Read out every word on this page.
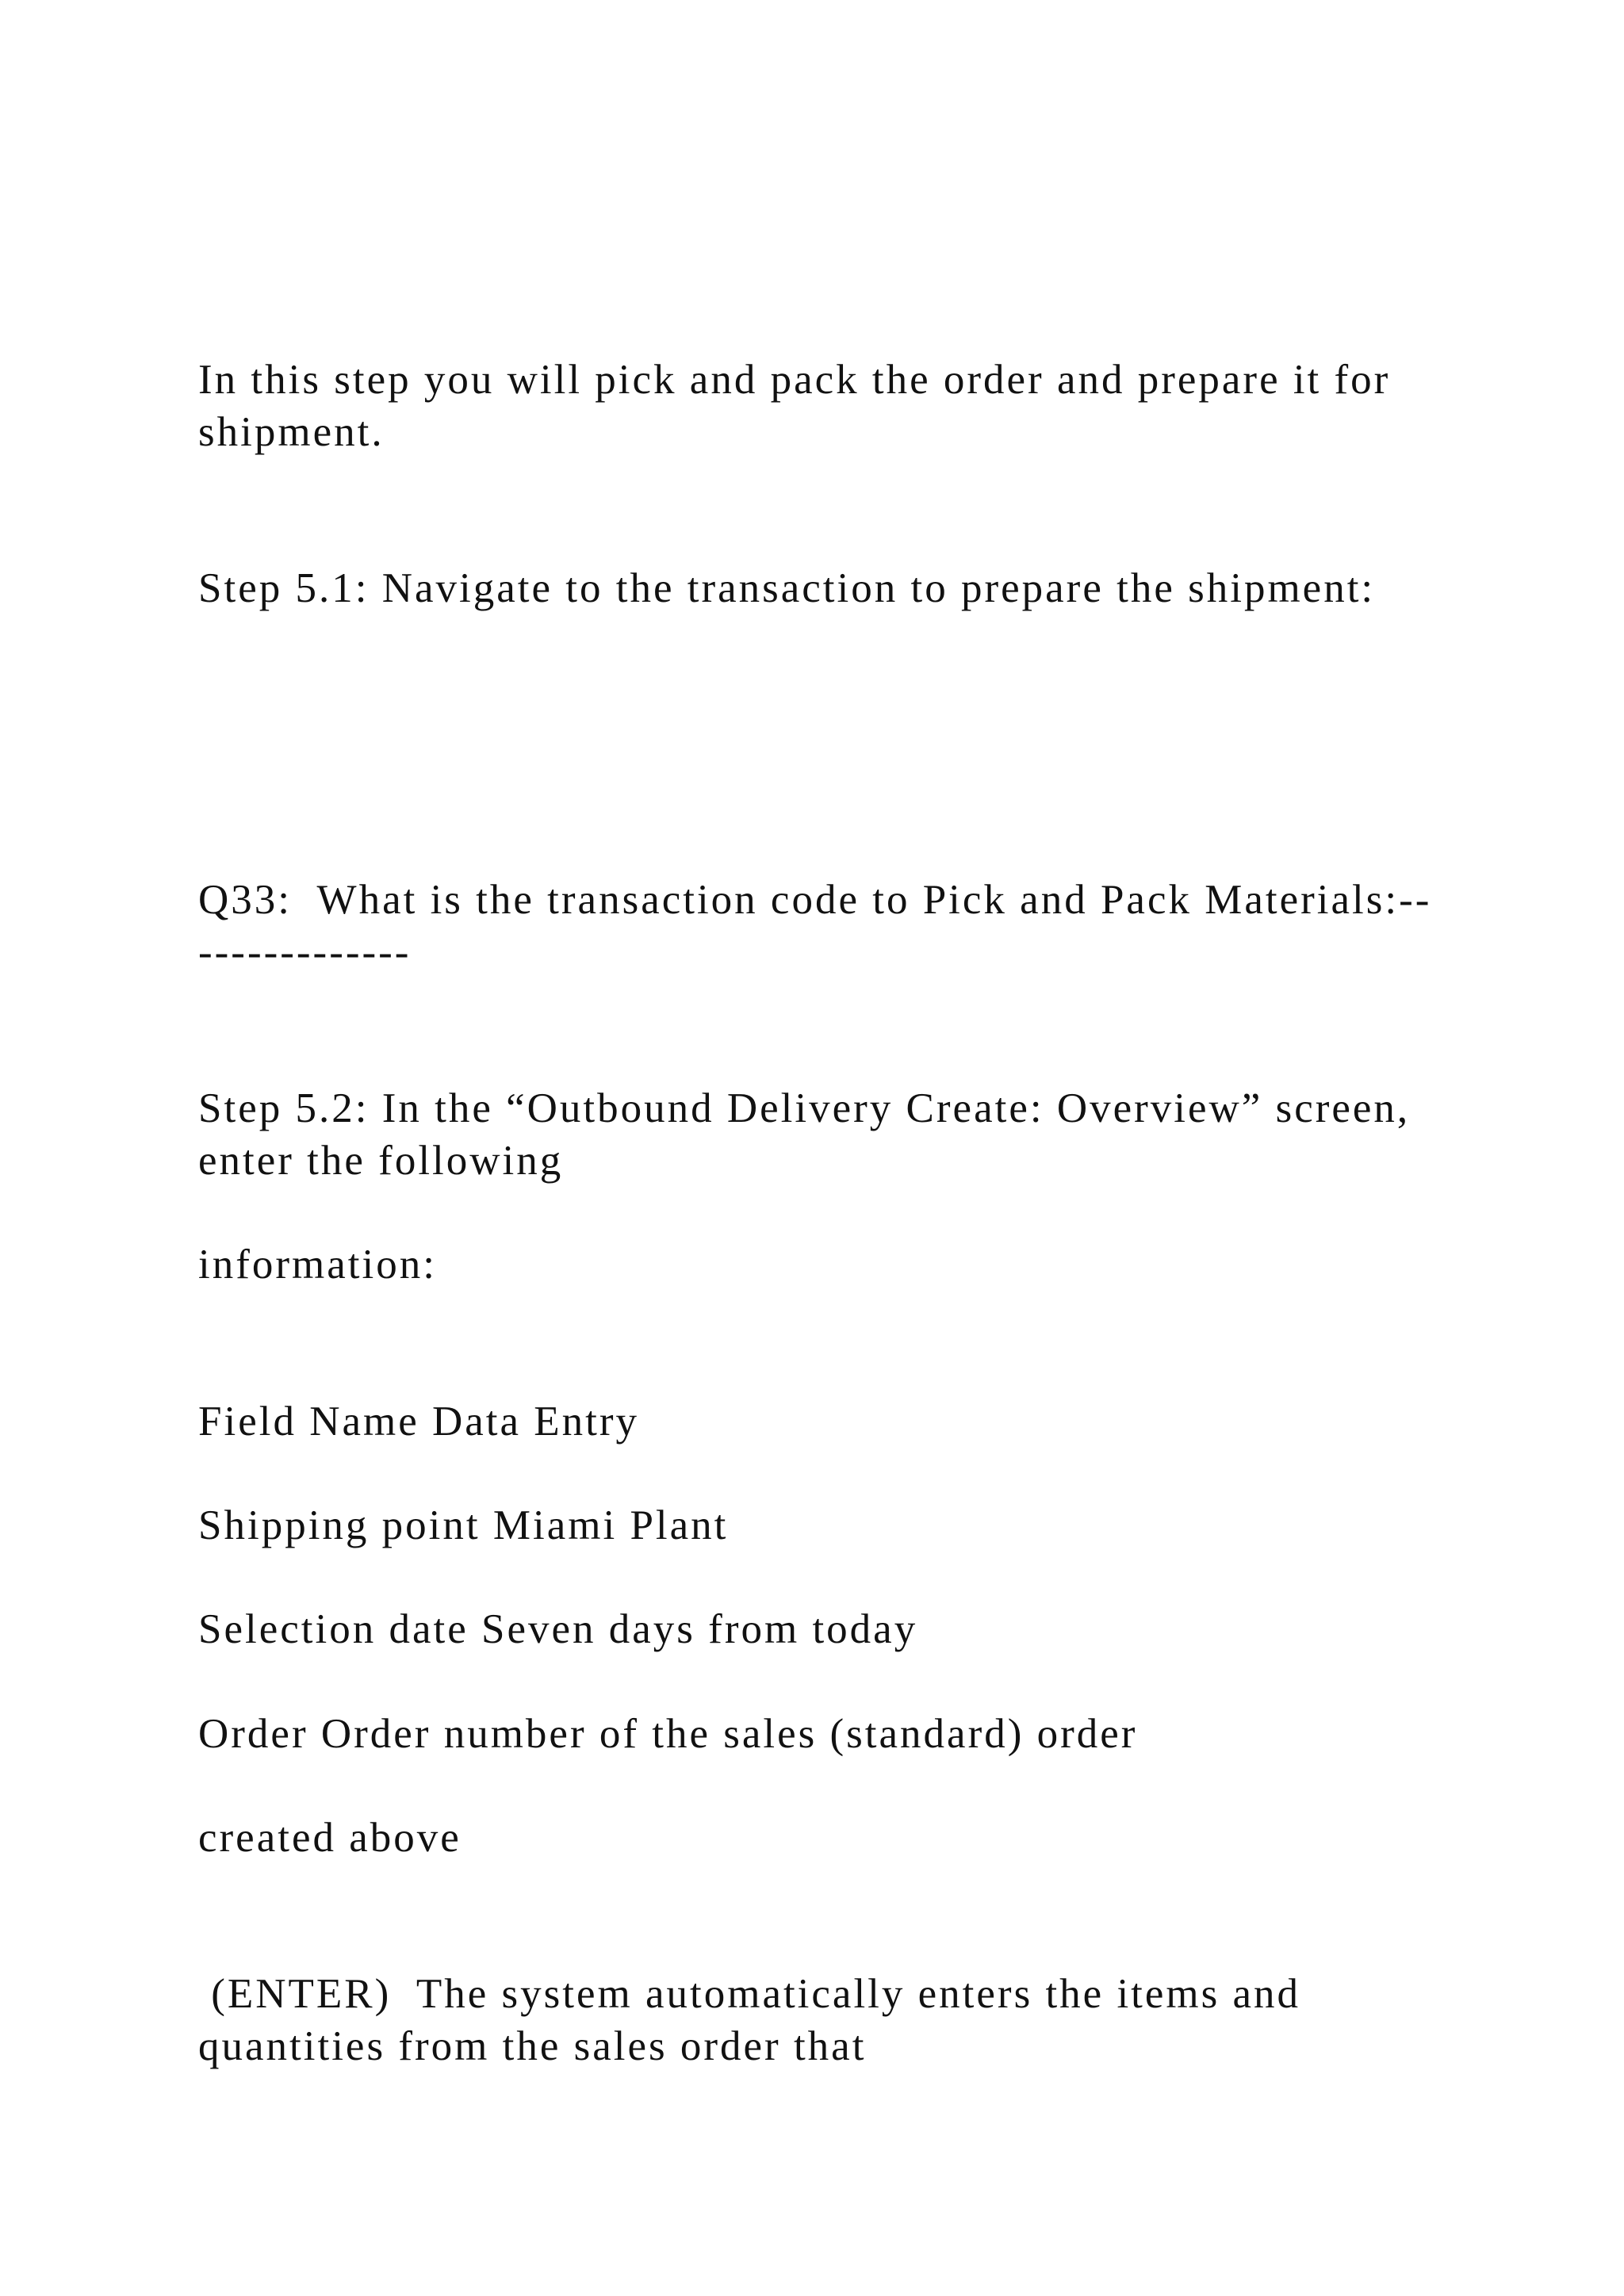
In this step you will pick and pack the order and prepare it for
shipment.
Step 5.1: Navigate to the transaction to prepare the shipment:
Q33:  What is the transaction code to Pick and Pack Materials:--
-------------
Step 5.2: In the “Outbound Delivery Create: Overview” screen,
enter the following
information:
Field Name Data Entry
Shipping point Miami Plant
Selection date Seven days from today
Order Order number of the sales (standard) order
created above
(ENTER)  The system automatically enters the items and
quantities from the sales order that
